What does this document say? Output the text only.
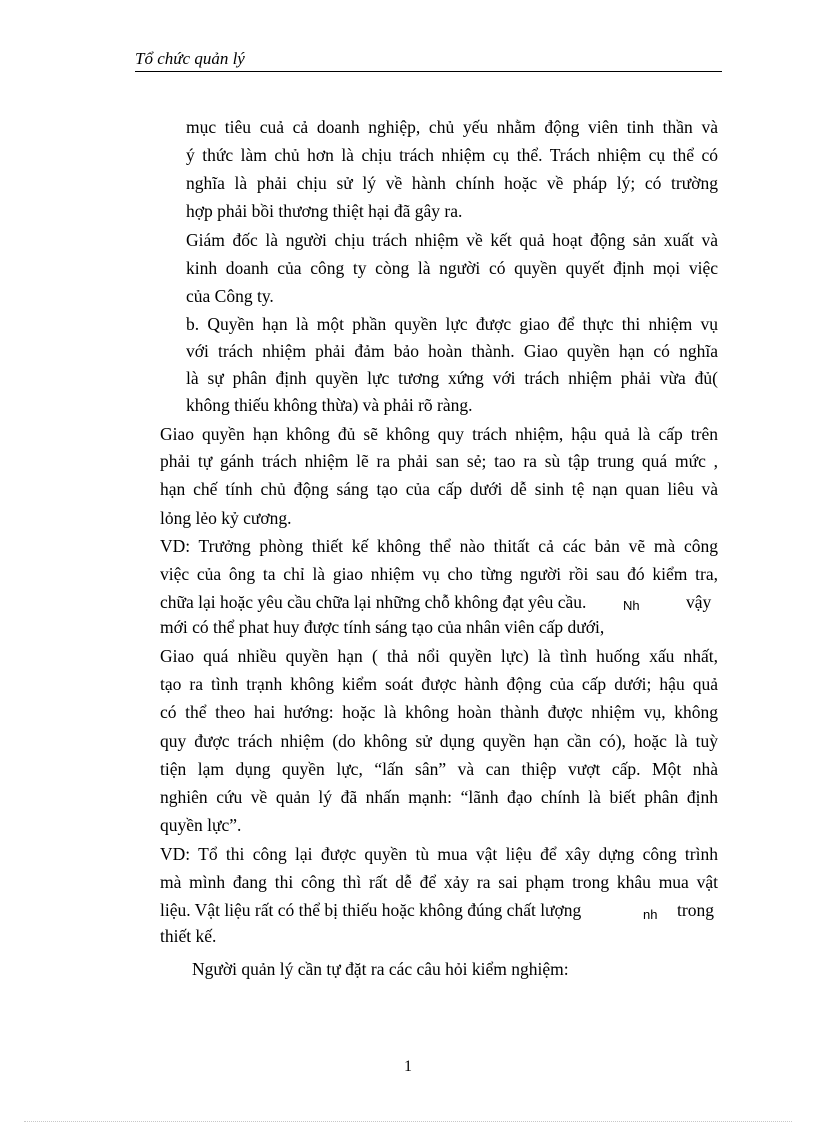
Tổ chức quản lý
mục tiêu cuả cả doanh nghiệp, chủ yếu nhằm động viên tinh thần và
ý thức làm chủ hơn là chịu trách nhiệm cụ thể. Trách nhiệm cụ thể có
nghĩa là phải chịu sử lý về hành chính hoặc về pháp lý; có trường
hợp phải bồi thương thiệt hại đã gây ra.
Giám đốc là người chịu trách nhiệm về kết quả hoạt động sản xuất và
kinh doanh của công ty còng là người có quyền quyết định mọi việc
của Công ty.
b. Quyền hạn là một phần quyền lực được giao để thực thi nhiệm vụ
với trách nhiệm phải đảm bảo hoàn thành. Giao quyền hạn có nghĩa
là sự phân định quyền lực tương xứng với trách nhiệm phải vừa đủ(
không thiếu không thừa) và phải rõ ràng.
Giao quyền hạn không đủ sẽ không quy trách nhiệm, hậu quả là cấp trên
phải tự gánh trách nhiệm lẽ ra phải san sẻ; tao ra sù tập trung quá mức ,
hạn chế tính chủ động sáng tạo của cấp dưới dễ sinh tệ nạn quan liêu và
lỏng lẻo kỷ cương.
VD: Trưởng phòng thiết kế không thể nào thitất cả các bản vẽ mà công
việc của ông ta chỉ là giao nhiệm vụ cho từng người rồi sau đó kiểm tra,
chữa lại hoặc yêu cầu chữa lại những chỗ không đạt yêu cầu.	Nh	vậy
mới có thể phat huy được tính sáng tạo của nhân viên cấp dưới,
Giao quá nhiều quyền hạn ( thả nổi quyền lực) là tình huống xấu nhất,
tạo ra tình trạnh không kiểm soát được hành động của cấp dưới; hậu quả
có thể theo hai hướng: hoặc là không hoàn thành được nhiệm vụ, không
quy được trách nhiệm (do không sử dụng quyền hạn cần có), hoặc là tuỳ
tiện lạm dụng quyền lực, “lấn sân” và can thiệp vượt cấp. Một nhà
nghiên cứu về quản lý đã nhấn mạnh: “lãnh đạo chính là biết phân định
quyền lực”.
VD: Tổ thi công lại được quyền tù mua vật liệu để xây dựng công trình
mà mình đang thi công thì rất dễ để xảy ra sai phạm trong khâu mua vật
liệu. Vật liệu rất có thể bị thiếu hoặc không đúng chất lượng	nh trong
thiết kế.
Người quản lý cần tự đặt ra các câu hỏi kiểm nghiệm:
1
